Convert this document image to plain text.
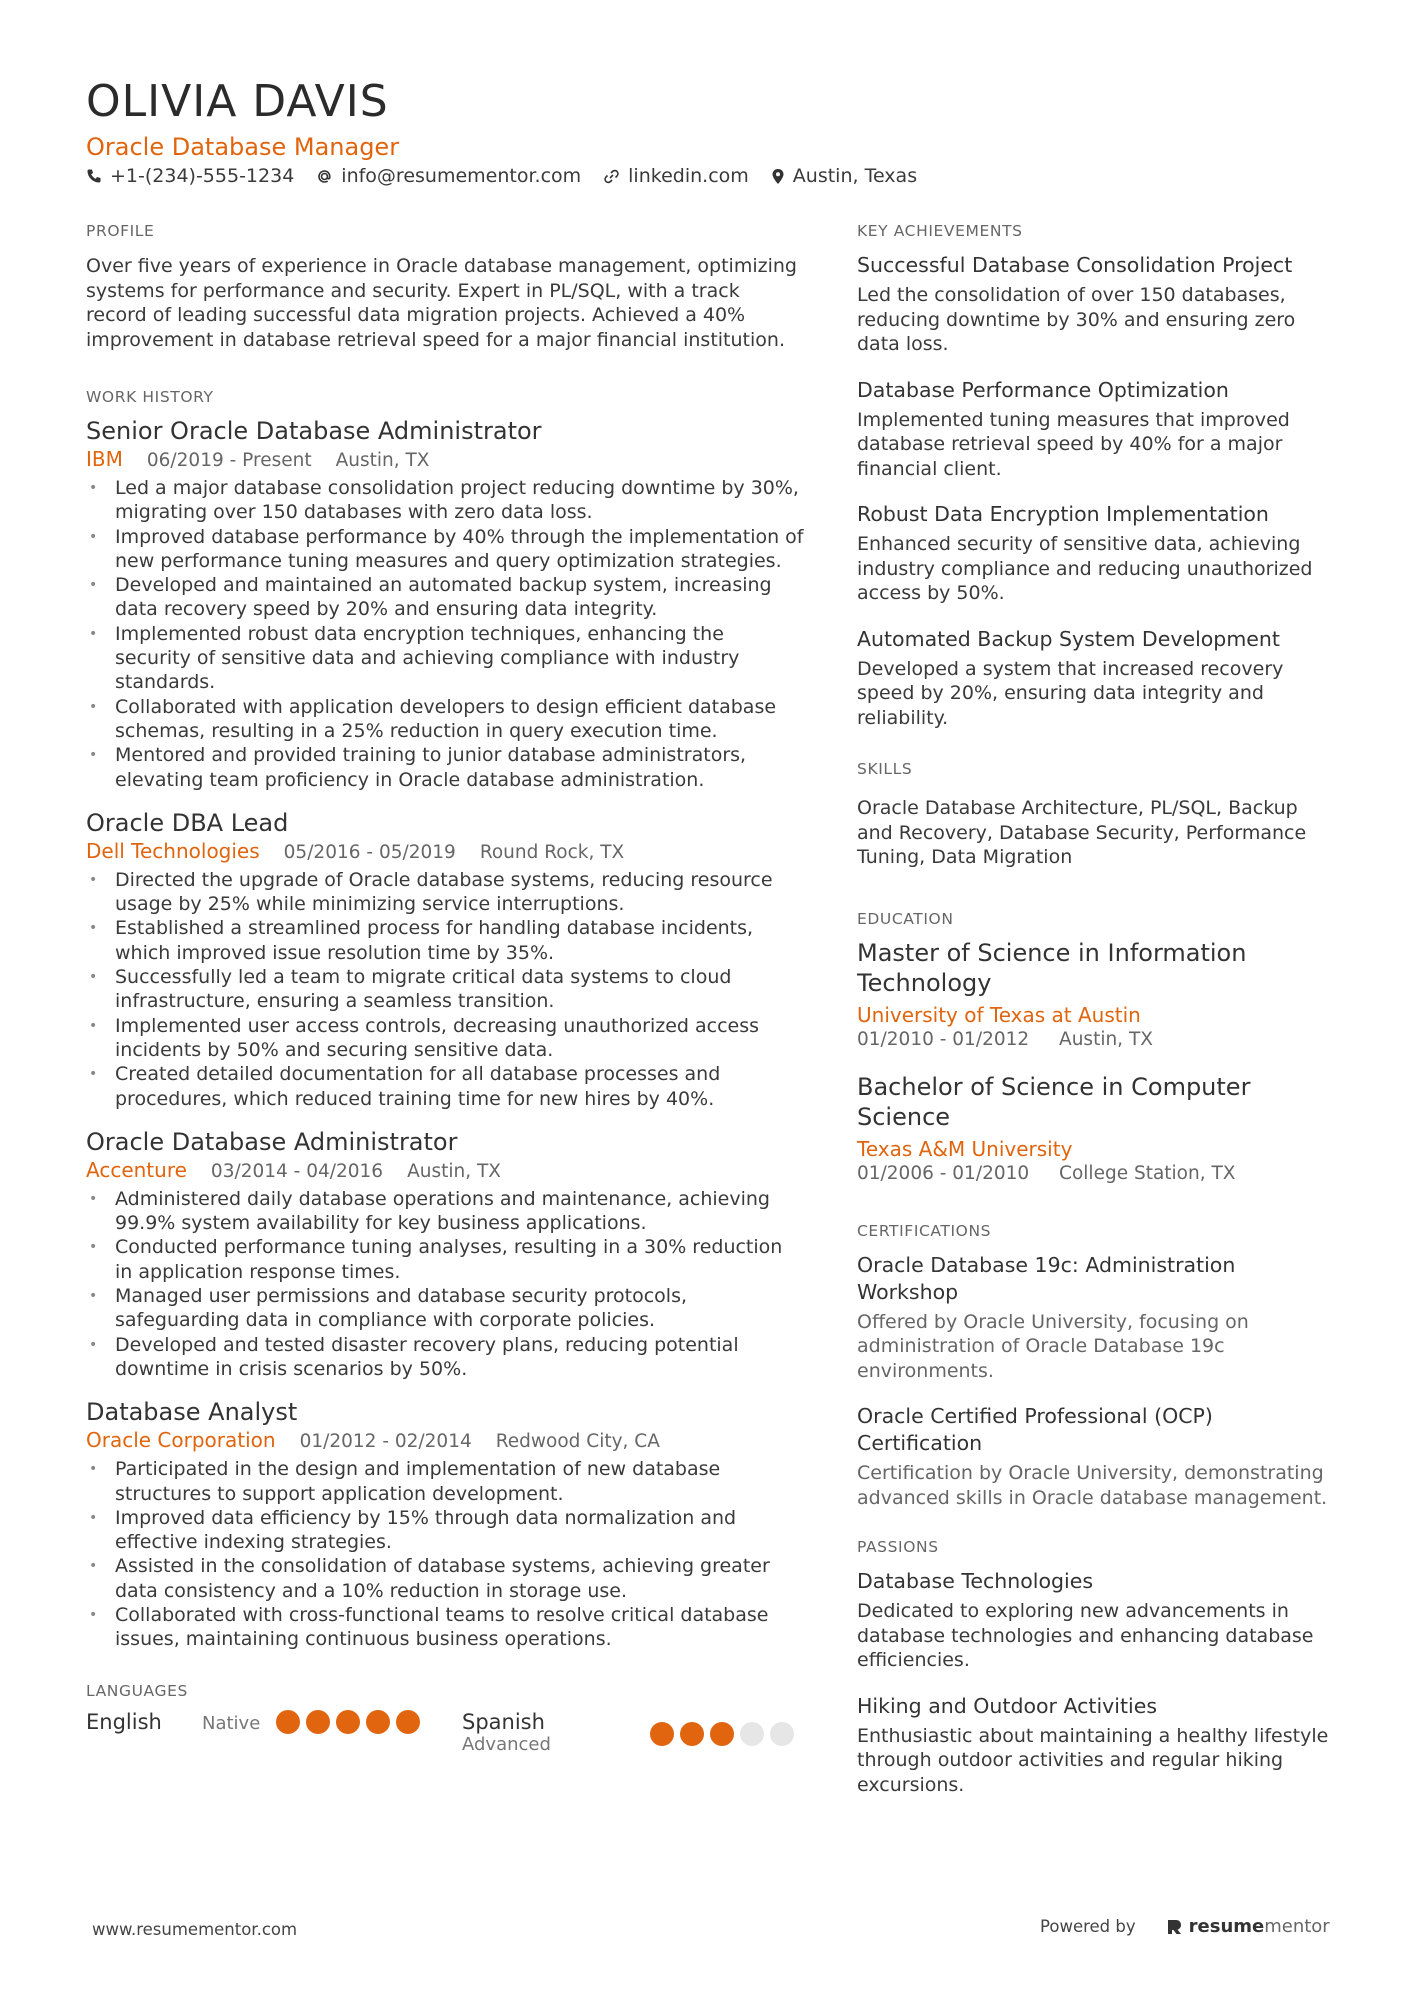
OLIVIA DAVIS
Oracle Database Manager
+1-(234)-555-1234 info@resumementor.com linkedin.com Austin, Texas
PROFILE

Over five years of experience in Oracle database management, optimizing systems for performance and security. Expert in PL/SQL, with a track record of leading successful data migration projects. Achieved a 40% improvement in database retrieval speed for a major financial institution.

WORK HISTORY
Senior Oracle Database Administrator
IBM 06/2019 - Present Austin, TX
• Led a major database consolidation project reducing downtime by 30%, migrating over 150 databases with zero data loss.
• Improved database performance by 40% through the implementation of new performance tuning measures and query optimization strategies.
• Developed and maintained an automated backup system, increasing data recovery speed by 20% and ensuring data integrity.
• Implemented robust data encryption techniques, enhancing the security of sensitive data and achieving compliance with industry standards.
• Collaborated with application developers to design efficient database schemas, resulting in a 25% reduction in query execution time.
• Mentored and provided training to junior database administrators, elevating team proficiency in Oracle database administration.
Oracle DBA Lead
Dell Technologies 05/2016 - 05/2019 Round Rock, TX
• Directed the upgrade of Oracle database systems, reducing resource usage by 25% while minimizing service interruptions.
• Established a streamlined process for handling database incidents, which improved issue resolution time by 35%.
• Successfully led a team to migrate critical data systems to cloud infrastructure, ensuring a seamless transition.
• Implemented user access controls, decreasing unauthorized access incidents by 50% and securing sensitive data.
• Created detailed documentation for all database processes and procedures, which reduced training time for new hires by 40%.
Oracle Database Administrator
Accenture 03/2014 - 04/2016 Austin, TX
• Administered daily database operations and maintenance, achieving 99.9% system availability for key business applications.
• Conducted performance tuning analyses, resulting in a 30% reduction in application response times.
• Managed user permissions and database security protocols, safeguarding data in compliance with corporate policies.
• Developed and tested disaster recovery plans, reducing potential downtime in crisis scenarios by 50%.
Database Analyst
Oracle Corporation 01/2012 - 02/2014 Redwood City, CA
• Participated in the design and implementation of new database structures to support application development.
• Improved data efficiency by 15% through data normalization and effective indexing strategies.
• Assisted in the consolidation of database systems, achieving greater data consistency and a 10% reduction in storage use.
• Collaborated with cross-functional teams to resolve critical database issues, maintaining continuous business operations.
LANGUAGES
English	Native	Spanish
Advanced
KEY ACHIEVEMENTS
Successful Database Consolidation Project

Led the consolidation of over 150 databases, reducing downtime by 30% and ensuring zero data loss.

Database Performance Optimization

Implemented tuning measures that improved database retrieval speed by 40% for a major financial client.

Robust Data Encryption Implementation

Enhanced security of sensitive data, achieving industry compliance and reducing unauthorized access by 50%.

Automated Backup System Development

Developed a system that increased recovery speed by 20%, ensuring data integrity and reliability.

SKILLS

Oracle Database Architecture, PL/SQL, Backup and Recovery, Database Security, Performance Tuning, Data Migration

EDUCATION
Master of Science in Information Technology
University of Texas at Austin
01/2010 - 01/2012 Austin, TX
Bachelor of Science in Computer Science
Texas A&M University
01/2006 - 01/2010 College Station, TX
CERTIFICATIONS
Oracle Database 19c: Administration Workshop

Offered by Oracle University, focusing on administration of Oracle Database 19c environments.

Oracle Certified Professional (OCP) Certification

Certification by Oracle University, demonstrating advanced skills in Oracle database management.

PASSIONS
Database Technologies

Dedicated to exploring new advancements in database technologies and enhancing database efficiencies.

Hiking and Outdoor Activities

Enthusiastic about maintaining a healthy lifestyle through outdoor activities and regular hiking excursions.

www.resumementor.com	Powered by	resume mentor
